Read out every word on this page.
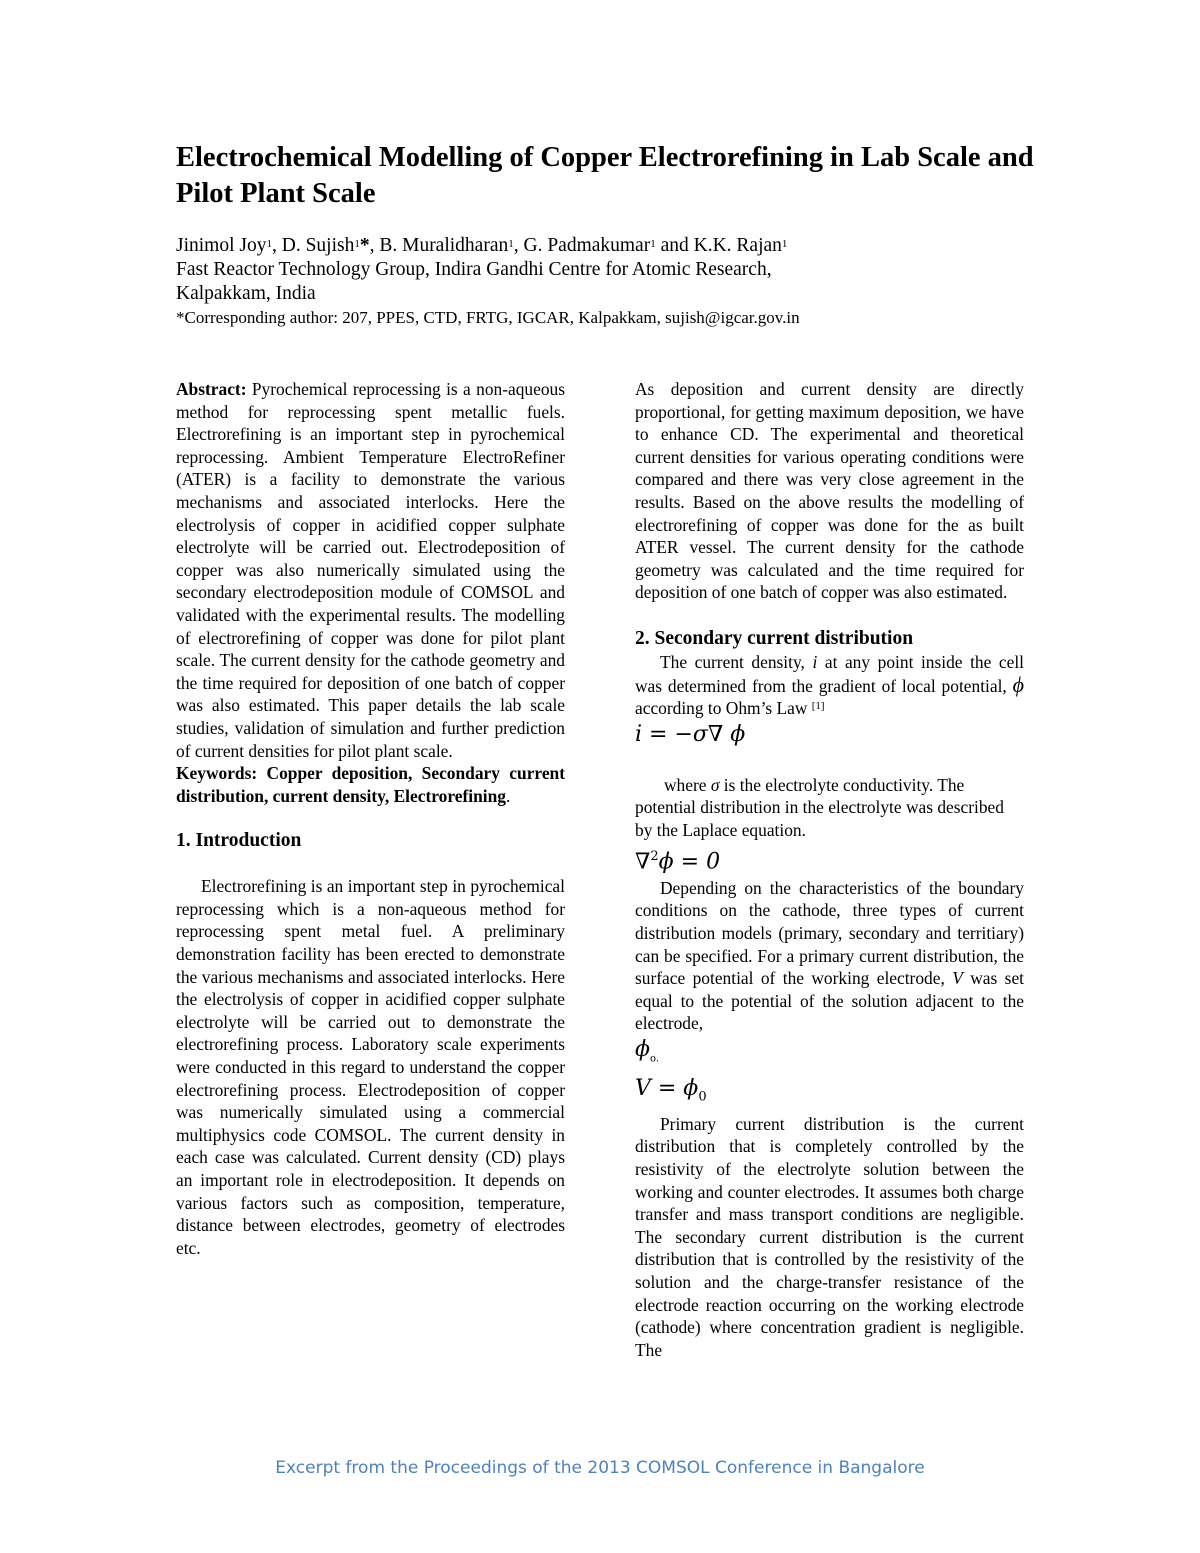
Electrochemical Modelling of Copper Electrorefining in Lab Scale and Pilot Plant Scale
Jinimol Joy$^1$, D. Sujish$^1$*, B. Muralidharan$^1$, G. Padmakumar$^1$ and K.K. Rajan$^1$
Fast Reactor Technology Group, Indira Gandhi Centre for Atomic Research,
Kalpakkam, India
*Corresponding author: 207, PPES, CTD, FRTG, IGCAR, Kalpakkam, sujish@igcar.gov.in

Abstract: Pyrochemical reprocessing is a non-aqueous method for reprocessing spent metallic fuels. Electrorefining is an important step in pyrochemical reprocessing. Ambient Temperature ElectroRefiner (ATER) is a facility to demonstrate the various mechanisms and associated interlocks. Here the electrolysis of copper in acidified copper sulphate electrolyte will be carried out. Electrodeposition of copper was also numerically simulated using the secondary electrodeposition module of COMSOL and validated with the experimental results. The modelling of electrorefining of copper was done for pilot plant scale. The current density for the cathode geometry and the time required for deposition of one batch of copper was also estimated. This paper details the lab scale studies, validation of simulation and further prediction of current densities for pilot plant scale.

Keywords: Copper deposition, Secondary current distribution, current density, Electrorefining.

1. Introduction

Electrorefining is an important step in pyrochemical reprocessing which is a non-aqueous method for reprocessing spent metal fuel. A preliminary demonstration facility has been erected to demonstrate the various mechanisms and associated interlocks. Here the electrolysis of copper in acidified copper sulphate electrolyte will be carried out to demonstrate the electrorefining process. Laboratory scale experiments were conducted in this regard to understand the copper electrorefining process. Electrodeposition of copper was numerically simulated using a commercial multiphysics code COMSOL. The current density in each case was calculated. Current density (CD) plays an important role in electrodeposition. It depends on various factors such as composition, temperature, distance between electrodes, geometry of electrodes etc.

As deposition and current density are directly proportional, for getting maximum deposition, we have to enhance CD. The experimental and theoretical current densities for various operating conditions were compared and there was very close agreement in the results. Based on the above results the modelling of electrorefining of copper was done for the as built ATER vessel. The current density for the cathode geometry was calculated and the time required for deposition of one batch of copper was also estimated.

2. Secondary current distribution

The current density, i at any point inside the cell was determined from the gradient of local potential, ϕ according to Ohm’s Law [1]

i = −σ∇ ϕ

where σ is the electrolyte conductivity. The potential distribution in the electrolyte was described by the Laplace equation.

∇$^2$ϕ = 0

Depending on the characteristics of the boundary conditions on the cathode, three types of current distribution models (primary, secondary and territiary) can be specified. For a primary current distribution, the surface potential of the working electrode, V was set equal to the potential of the solution adjacent to the electrode,

$\phi_{o.}$

$V = \phi_0$

Primary current distribution is the current distribution that is completely controlled by the resistivity of the electrolyte solution between the working and counter electrodes. It assumes both charge transfer and mass transport conditions are negligible. The secondary current distribution is the current distribution that is controlled by the resistivity of the solution and the charge-transfer resistance of the electrode reaction occurring on the working electrode (cathode) where concentration gradient is negligible. The

Excerpt from the Proceedings of the 2013 COMSOL Conference in Bangalore
